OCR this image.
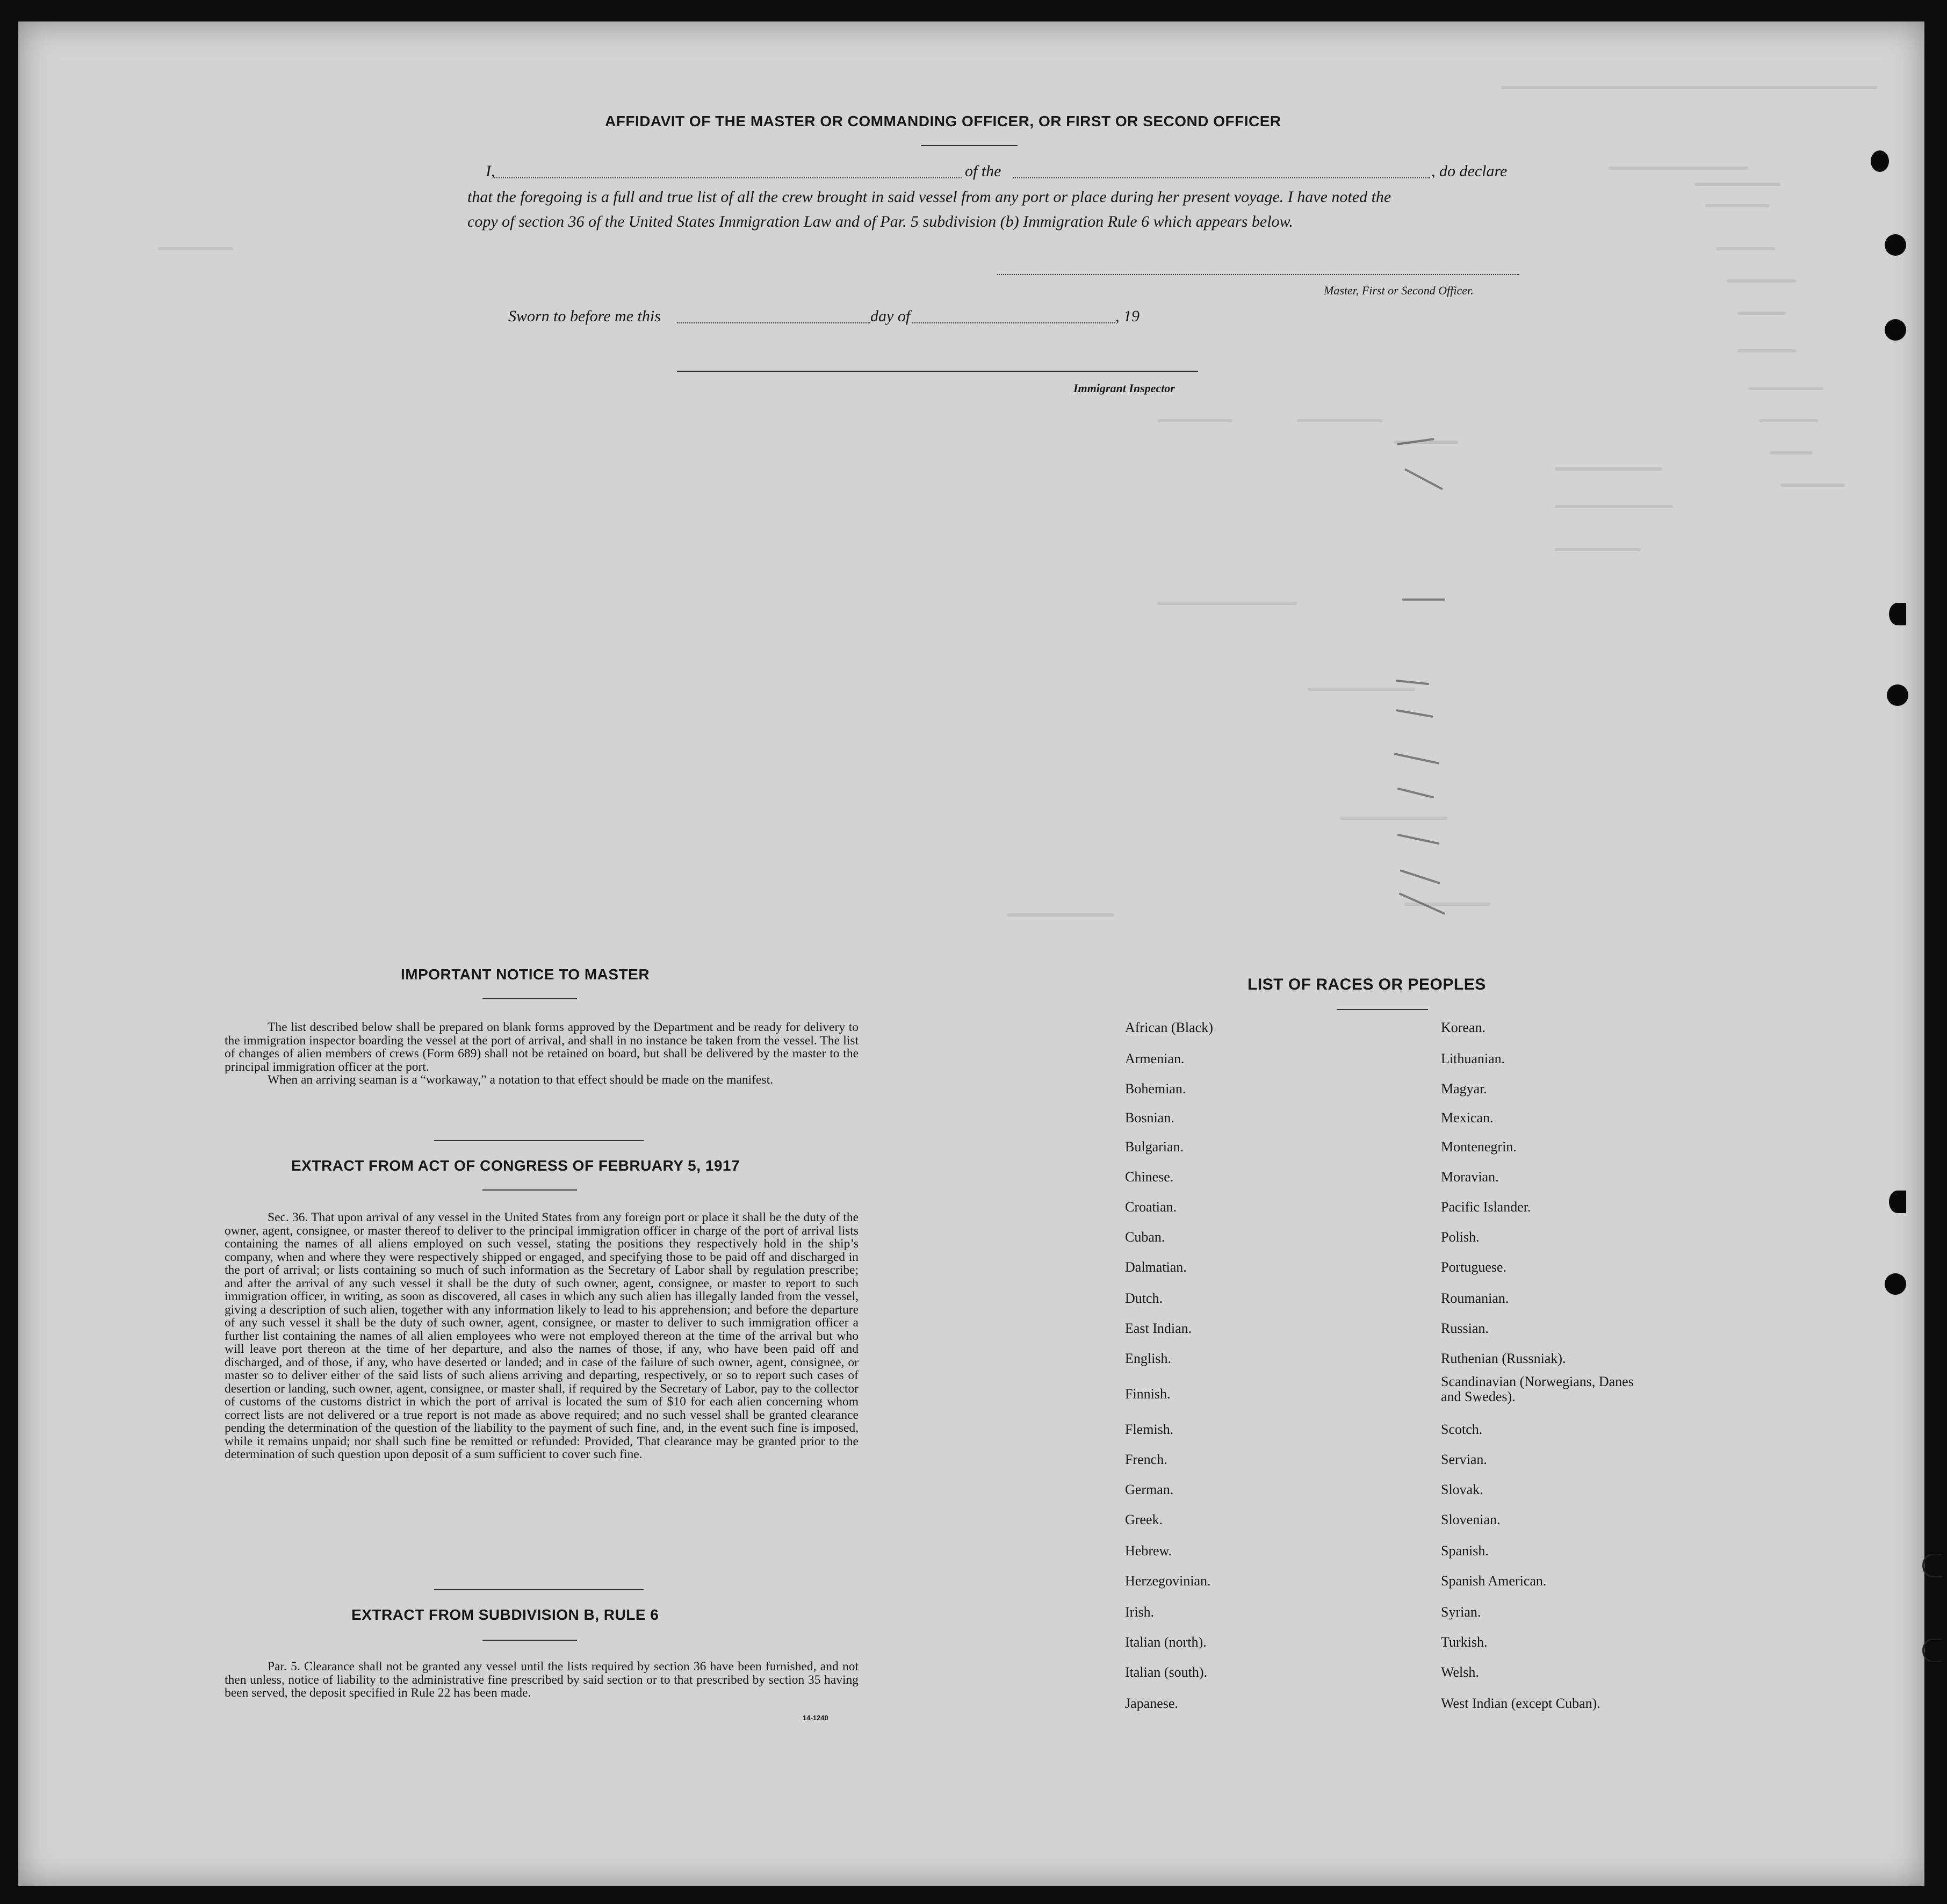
AFFIDAVIT OF THE MASTER OR COMMANDING OFFICER, OR FIRST OR SECOND OFFICER
I,	of the	, do declare
that the foregoing is a full and true list of all the crew brought in said vessel from any port or place during her present voyage. I have noted the
copy of section 36 of the United States Immigration Law and of Par. 5 subdivision (b) Immigration Rule 6 which appears below.
Master, First or Second Officer.
Sworn to before me this	day of	, 19
Immigrant Inspector
IMPORTANT NOTICE TO MASTER
The list described below shall be prepared on blank forms approved by the Department and be ready for delivery to the immigration inspector boarding the vessel at the port of arrival, and shall in no instance be taken from the vessel. The list of changes of alien members of crews (Form 689) shall not be retained on board, but shall be delivered by the master to the principal immigration officer at the port.
When an arriving seaman is a “workaway,” a notation to that effect should be made on the manifest.
EXTRACT FROM ACT OF CONGRESS OF FEBRUARY 5, 1917
Sec. 36. That upon arrival of any vessel in the United States from any foreign port or place it shall be the duty of the owner, agent, consignee, or master thereof to deliver to the principal immigration officer in charge of the port of arrival lists containing the names of all aliens employed on such vessel, stating the positions they respectively hold in the ship’s company, when and where they were respectively shipped or engaged, and specifying those to be paid off and discharged in the port of arrival; or lists containing so much of such information as the Secretary of Labor shall by regulation prescribe; and after the arrival of any such vessel it shall be the duty of such owner, agent, consignee, or master to report to such immigration officer, in writing, as soon as discovered, all cases in which any such alien has illegally landed from the vessel, giving a description of such alien, together with any information likely to lead to his apprehension; and before the departure of any such vessel it shall be the duty of such owner, agent, consignee, or master to deliver to such immigration officer a further list containing the names of all alien employees who were not employed thereon at the time of the arrival but who will leave port thereon at the time of her departure, and also the names of those, if any, who have been paid off and discharged, and of those, if any, who have deserted or landed; and in case of the failure of such owner, agent, consignee, or master so to deliver either of the said lists of such aliens arriving and departing, respectively, or so to report such cases of desertion or landing, such owner, agent, consignee, or master shall, if required by the Secretary of Labor, pay to the collector of customs of the customs district in which the port of arrival is located the sum of $10 for each alien concerning whom correct lists are not delivered or a true report is not made as above required; and no such vessel shall be granted clearance pending the determination of the question of the liability to the payment of such fine, and, in the event such fine is imposed, while it remains unpaid; nor shall such fine be remitted or refunded: Provided, That clearance may be granted prior to the determination of such question upon deposit of a sum sufficient to cover such fine.
EXTRACT FROM SUBDIVISION B, RULE 6
Par. 5. Clearance shall not be granted any vessel until the lists required by section 36 have been furnished, and not then unless, notice of liability to the administrative fine prescribed by said section or to that prescribed by section 35 having been served, the deposit specified in Rule 22 has been made.
14-1240
LIST OF RACES OR PEOPLES
African (Black)
Armenian.
Bohemian.
Bosnian.
Bulgarian.
Chinese.
Croatian.
Cuban.
Dalmatian.
Dutch.
East Indian.
English.
Finnish.
Flemish.
French.
German.
Greek.
Hebrew.
Herzegovinian.
Irish.
Italian (north).
Italian (south).
Japanese.
Korean.
Lithuanian.
Magyar.
Mexican.
Montenegrin.
Moravian.
Pacific Islander.
Polish.
Portuguese.
Roumanian.
Russian.
Ruthenian (Russniak).
Scandinavian (Norwegians, Danes and Swedes).
Scotch.
Servian.
Slovak.
Slovenian.
Spanish.
Spanish American.
Syrian.
Turkish.
Welsh.
West Indian (except Cuban).
